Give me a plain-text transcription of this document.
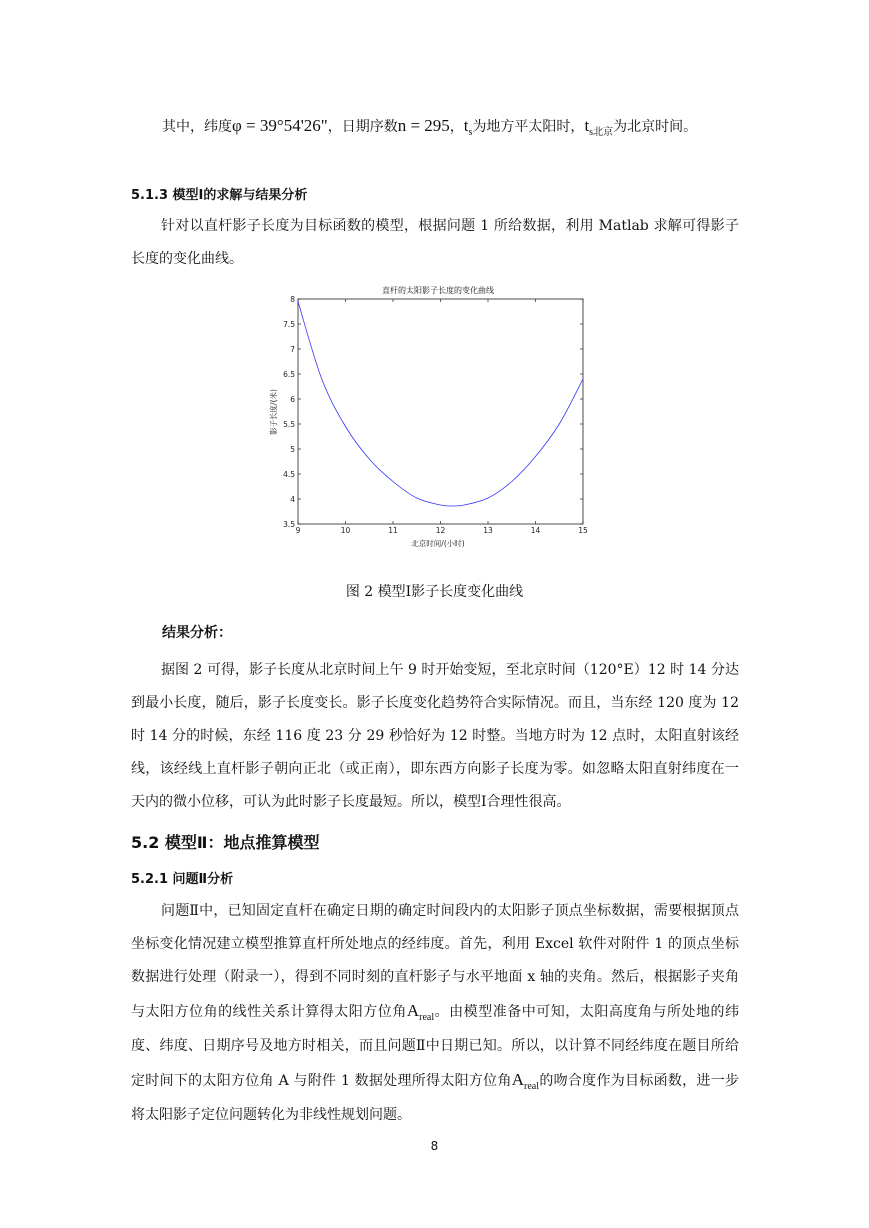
其中，纬度φ = 39°54'26"，日期序数n = 295，$t_s$为地方平太阳时，$t_{s北京}$为北京时间。
5.1.3 模型Ⅰ的求解与结果分析
针对以直杆影子长度为目标函数的模型，根据问题 1 所给数据，利用 Matlab 求解可得影子长度的变化曲线。
直杆的太阳影子长度的变化曲线
9	10	11	12	13	14	15
3.5
4
4.5
5
5.5
6
6.5
7
7.5
8
北京时间/(小时)
影子长度/(米)
图 2 模型Ⅰ影子长度变化曲线
结果分析：
据图 2 可得，影子长度从北京时间上午 9 时开始变短，至北京时间（120°E）12 时 14 分达到最小长度，随后，影子长度变长。影子长度变化趋势符合实际情况。而且，当东经 120 度为 12 时 14 分的时候，东经 116 度 23 分 29 秒恰好为 12 时整。当地方时为 12 点时，太阳直射该经线，该经线上直杆影子朝向正北（或正南），即东西方向影子长度为零。如忽略太阳直射纬度在一天内的微小位移，可认为此时影子长度最短。所以，模型Ⅰ合理性很高。
5.2 模型Ⅱ：地点推算模型
5.2.1 问题Ⅱ分析
问题Ⅱ中，已知固定直杆在确定日期的确定时间段内的太阳影子顶点坐标数据，需要根据顶点坐标变化情况建立模型推算直杆所处地点的经纬度。首先，利用 Excel 软件对附件 1 的顶点坐标数据进行处理（附录一），得到不同时刻的直杆影子与水平地面 x 轴的夹角。然后，根据影子夹角与太阳方位角的线性关系计算得太阳方位角$A_{real}$。由模型准备中可知，太阳高度角与所处地的纬度、纬度、日期序号及地方时相关，而且问题Ⅱ中日期已知。所以，以计算不同经纬度在题目所给定时间下的太阳方位角 A 与附件 1 数据处理所得太阳方位角$A_{real}$的吻合度作为目标函数，进一步将太阳影子定位问题转化为非线性规划问题。
8
